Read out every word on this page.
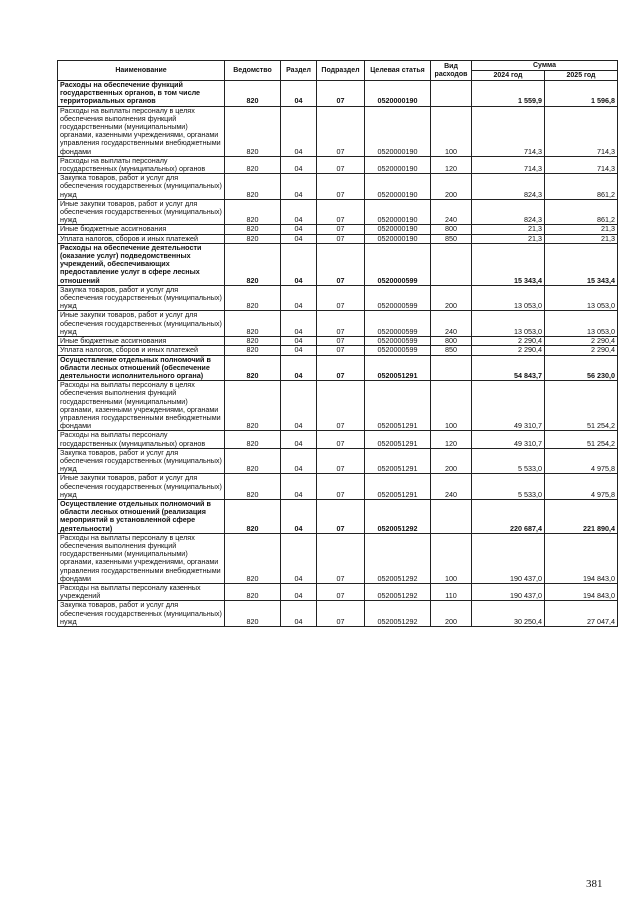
Наименование	Ведомство	Раздел	Подраздел	Целевая статья	Вид расходов	Сумма	
						2024 год	2025 год
Расходы на обеспечение функций государственных органов, в том числе территориальных органов	820	04	07	0520000190		1 559,9	1 596,8
Расходы на выплаты персоналу в целях обеспечения выполнения функций государственными (муниципальными) органами, казенными учреждениями, органами управления государственными внебюджетными фондами	820	04	07	0520000190	100	714,3	714,3
Расходы на выплаты персоналу государственных (муниципальных) органов	820	04	07	0520000190	120	714,3	714,3
Закупка товаров, работ и услуг для обеспечения государственных (муниципальных) нужд	820	04	07	0520000190	200	824,3	861,2
Иные закупки товаров, работ и услуг для обеспечения государственных (муниципальных) нужд	820	04	07	0520000190	240	824,3	861,2
Иные бюджетные ассигнования	820	04	07	0520000190	800	21,3	21,3
Уплата налогов, сборов и иных платежей	820	04	07	0520000190	850	21,3	21,3
Расходы на обеспечение деятельности (оказание услуг) подведомственных учреждений, обеспечивающих предоставление услуг в сфере лесных отношений	820	04	07	0520000599		15 343,4	15 343,4
Закупка товаров, работ и услуг для обеспечения государственных (муниципальных) нужд	820	04	07	0520000599	200	13 053,0	13 053,0
Иные закупки товаров, работ и услуг для обеспечения государственных (муниципальных) нужд	820	04	07	0520000599	240	13 053,0	13 053,0
Иные бюджетные ассигнования	820	04	07	0520000599	800	2 290,4	2 290,4
Уплата налогов, сборов и иных платежей	820	04	07	0520000599	850	2 290,4	2 290,4
Осуществление отдельных полномочий в области лесных отношений (обеспечение деятельности исполнительного органа)	820	04	07	0520051291		54 843,7	56 230,0
Расходы на выплаты персоналу в целях обеспечения выполнения функций государственными (муниципальными) органами, казенными учреждениями, органами управления государственными внебюджетными фондами	820	04	07	0520051291	100	49 310,7	51 254,2
Расходы на выплаты персоналу государственных (муниципальных) органов	820	04	07	0520051291	120	49 310,7	51 254,2
Закупка товаров, работ и услуг для обеспечения государственных (муниципальных) нужд	820	04	07	0520051291	200	5 533,0	4 975,8
Иные закупки товаров, работ и услуг для обеспечения государственных (муниципальных) нужд	820	04	07	0520051291	240	5 533,0	4 975,8
Осуществление отдельных полномочий в области лесных отношений (реализация мероприятий в установленной сфере деятельности)	820	04	07	0520051292		220 687,4	221 890,4
Расходы на выплаты персоналу в целях обеспечения выполнения функций государственными (муниципальными) органами, казенными учреждениями, органами управления государственными внебюджетными фондами	820	04	07	0520051292	100	190 437,0	194 843,0
Расходы на выплаты персоналу казенных учреждений	820	04	07	0520051292	110	190 437,0	194 843,0
Закупка товаров, работ и услуг для обеспечения государственных (муниципальных) нужд	820	04	07	0520051292	200	30 250,4	27 047,4
381
